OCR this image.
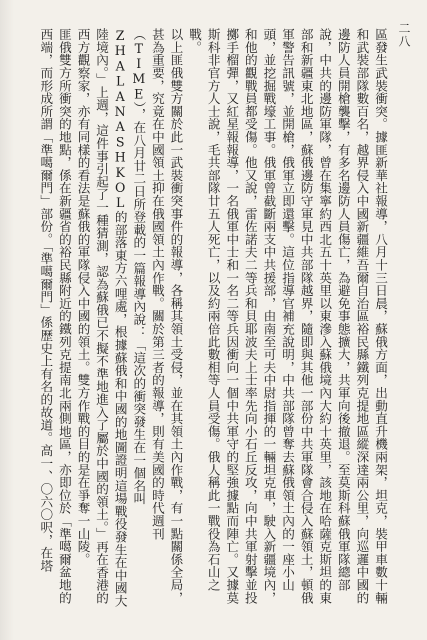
二八

區發生武裝衝突。據匪新華社報導，八月十三日晨，蘇俄方面，出動直升機兩架，坦克，裝甲車數十輛和武裝部隊數百名，越界侵入中國新疆維吾爾自治區裕民縣鐵列克提地區縱深達兩公里，向巡邏中國的邊防人員開槍襲擊，有多名邊防人員傷亡，為避免事態擴大，共軍向後撤退。至莫斯科蘇俄軍隊總部說，中共的邊防軍隊，曾在集寧約西北五十英里以東滲入蘇俄境內大約十英里，該地在哈薩克斯坦的東部和新疆東北地區，蘇俄邊防守軍見中共部隊越界，隨即與其他一部份中共軍隊會合侵入蘇領土，頓俄軍警告訊號，並開槍，俄軍立即還擊。這位指導官補充說明，中共部隊曾奪去蘇俄領土內的一座小山頭，並挖掘戰壕工事。俄軍曾截斷兩支中共援部，由南至可夫中尉指揮的一輛坦克車，駛入新疆境內，和他的觀戰員都受傷。他又說，雷佐諾夫二等兵和貝耶波夫上士率先向小石丘反攻，向中共軍射擊並投擲手榴彈，又紅星報報導，一名俄軍中士和一名二等兵因衝向一個中共軍守的堅強據點而陣亡。又據莫斯科非官方人士說，毛共部隊廿五人死亡，以及約兩倍此數相等人員受傷。俄人稱此一戰役為石山之戰。

以上匪俄雙方關於此一武裝衝突事件的報導，各稱其領土受侵，並在其領土內作戰，有一點關係全局，甚為重要，究竟在中國領土抑在俄國領土內作戰。關於第三者的報導，則有美國的時代週刊（TIME），在八月廿二日所登載的一篇報導內說：「這次的衝突發生在一個名叫ZHALANASHKOL的部落東方六哩處，根據蘇俄和中國的地圖證明這場戰役發生在中國大陸境內。」上週，這件事引起了一種猜測，認為蘇俄已不擬不準地進入了屬於中國的領土。」再在香港的西方觀察家，亦有同樣的看法是蘇俄的軍隊侵入中國的領土。雙方作戰的目的是在爭奪一山陵。

匪俄雙方所衝突的地點，係在新疆省的裕民縣附近的鐵列克提南北兩側地區，亦即位於「準噶爾盆地的西端，而形成所謂「準噶爾門」部份。「準噶爾門」係歷史上有名的故道。高一、〇六〇呎，在塔
